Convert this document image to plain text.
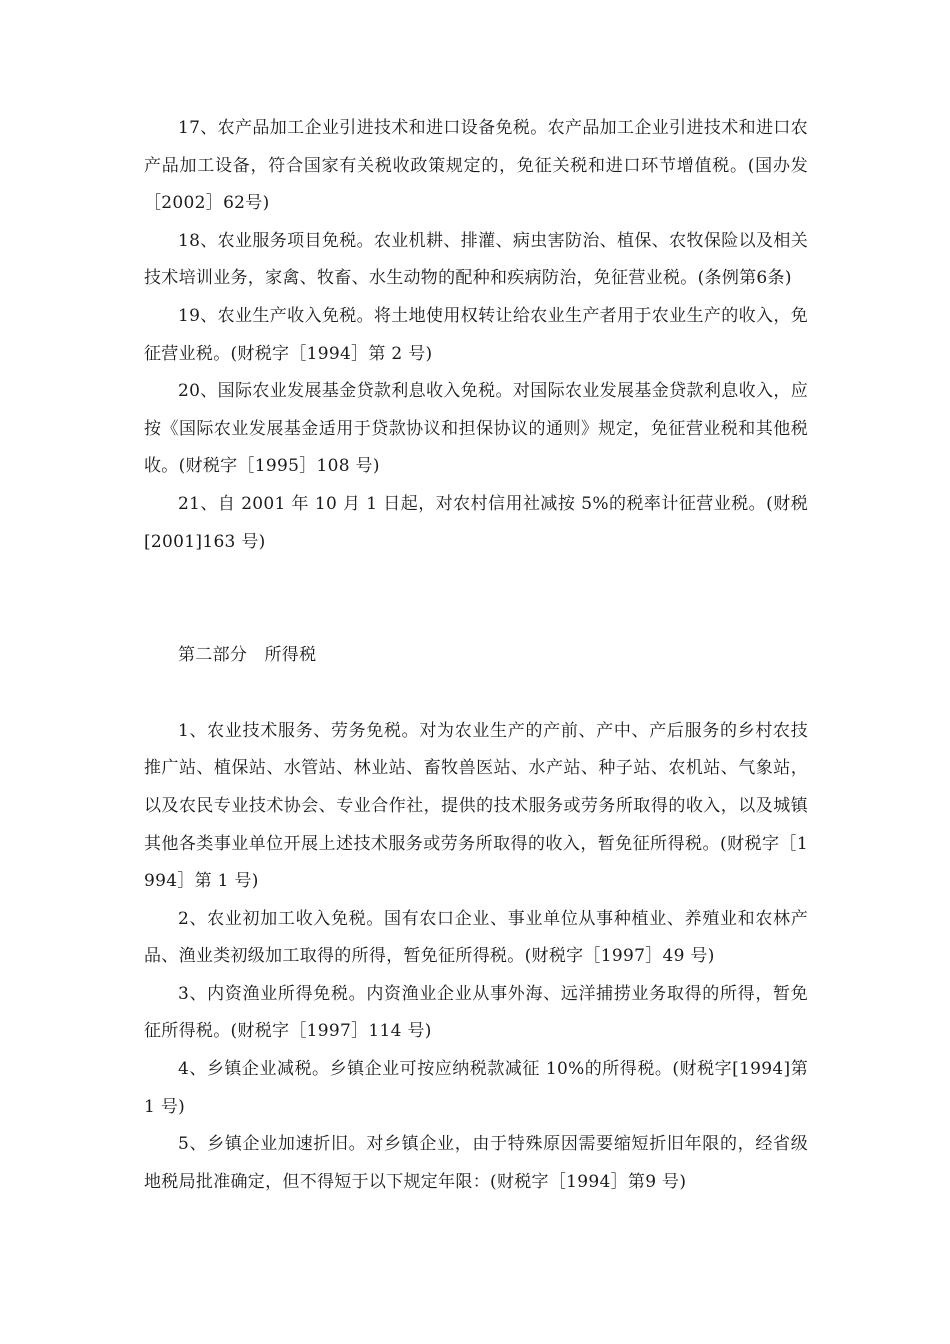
17、农产品加工企业引进技术和进口设备免税。农产品加工企业引进技术和进口农产品加工设备，符合国家有关税收政策规定的，免征关税和进口环节增值税。(国办发［2002］62号)

18、农业服务项目免税。农业机耕、排灌、病虫害防治、植保、农牧保险以及相关技术培训业务，家禽、牧畜、水生动物的配种和疾病防治，免征营业税。(条例第6条)

19、农业生产收入免税。将土地使用权转让给农业生产者用于农业生产的收入，免征营业税。(财税字［1994］第 2 号)

20、国际农业发展基金贷款利息收入免税。对国际农业发展基金贷款利息收入，应按《国际农业发展基金适用于贷款协议和担保协议的通则》规定，免征营业税和其他税收。(财税字［1995］108 号)

21、自 2001 年 10 月 1 日起，对农村信用社减按 5%的税率计征营业税。(财税[2001]163 号)

第二部分　所得税

1、农业技术服务、劳务免税。对为农业生产的产前、产中、产后服务的乡村农技推广站、植保站、水管站、林业站、畜牧兽医站、水产站、种子站、农机站、气象站，以及农民专业技术协会、专业合作社，提供的技术服务或劳务所取得的收入，以及城镇其他各类事业单位开展上述技术服务或劳务所取得的收入，暂免征所得税。(财税字［1994］第 1 号)

2、农业初加工收入免税。国有农口企业、事业单位从事种植业、养殖业和农林产品、渔业类初级加工取得的所得，暂免征所得税。(财税字［1997］49 号)

3、内资渔业所得免税。内资渔业企业从事外海、远洋捕捞业务取得的所得，暂免征所得税。(财税字［1997］114 号)

4、乡镇企业减税。乡镇企业可按应纳税款减征 10%的所得税。(财税字[1994]第 1 号)

5、乡镇企业加速折旧。对乡镇企业，由于特殊原因需要缩短折旧年限的，经省级地税局批准确定，但不得短于以下规定年限：(财税字［1994］第9 号)
